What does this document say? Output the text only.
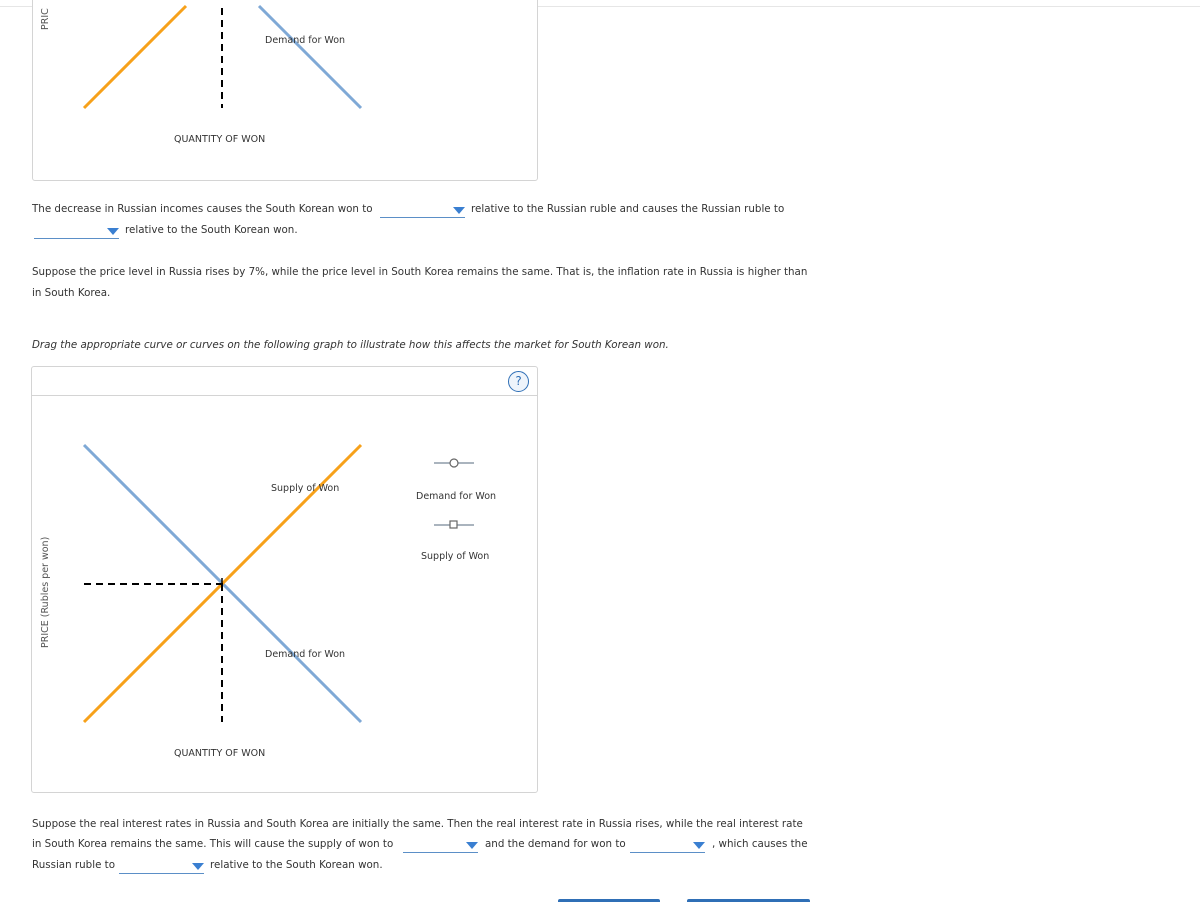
PRIC
Demand for Won
QUANTITY OF WON
The decrease in Russian incomes causes the South Korean won to	relative to the Russian ruble and causes the Russian ruble to
relative to the South Korean won.
Suppose the price level in Russia rises by 7%, while the price level in South Korea remains the same. That is, the inflation rate in Russia is higher than
in South Korea.
Drag the appropriate curve or curves on the following graph to illustrate how this affects the market for South Korean won.
?
PRICE (Rubles per won)
Supply of Won
Demand for Won
QUANTITY OF WON
Demand for Won
Supply of Won
Suppose the real interest rates in Russia and South Korea are initially the same. Then the real interest rate in Russia rises, while the real interest rate
in South Korea remains the same. This will cause the supply of won to	and the demand for won to	, which causes the
Russian ruble to	relative to the South Korean won.
